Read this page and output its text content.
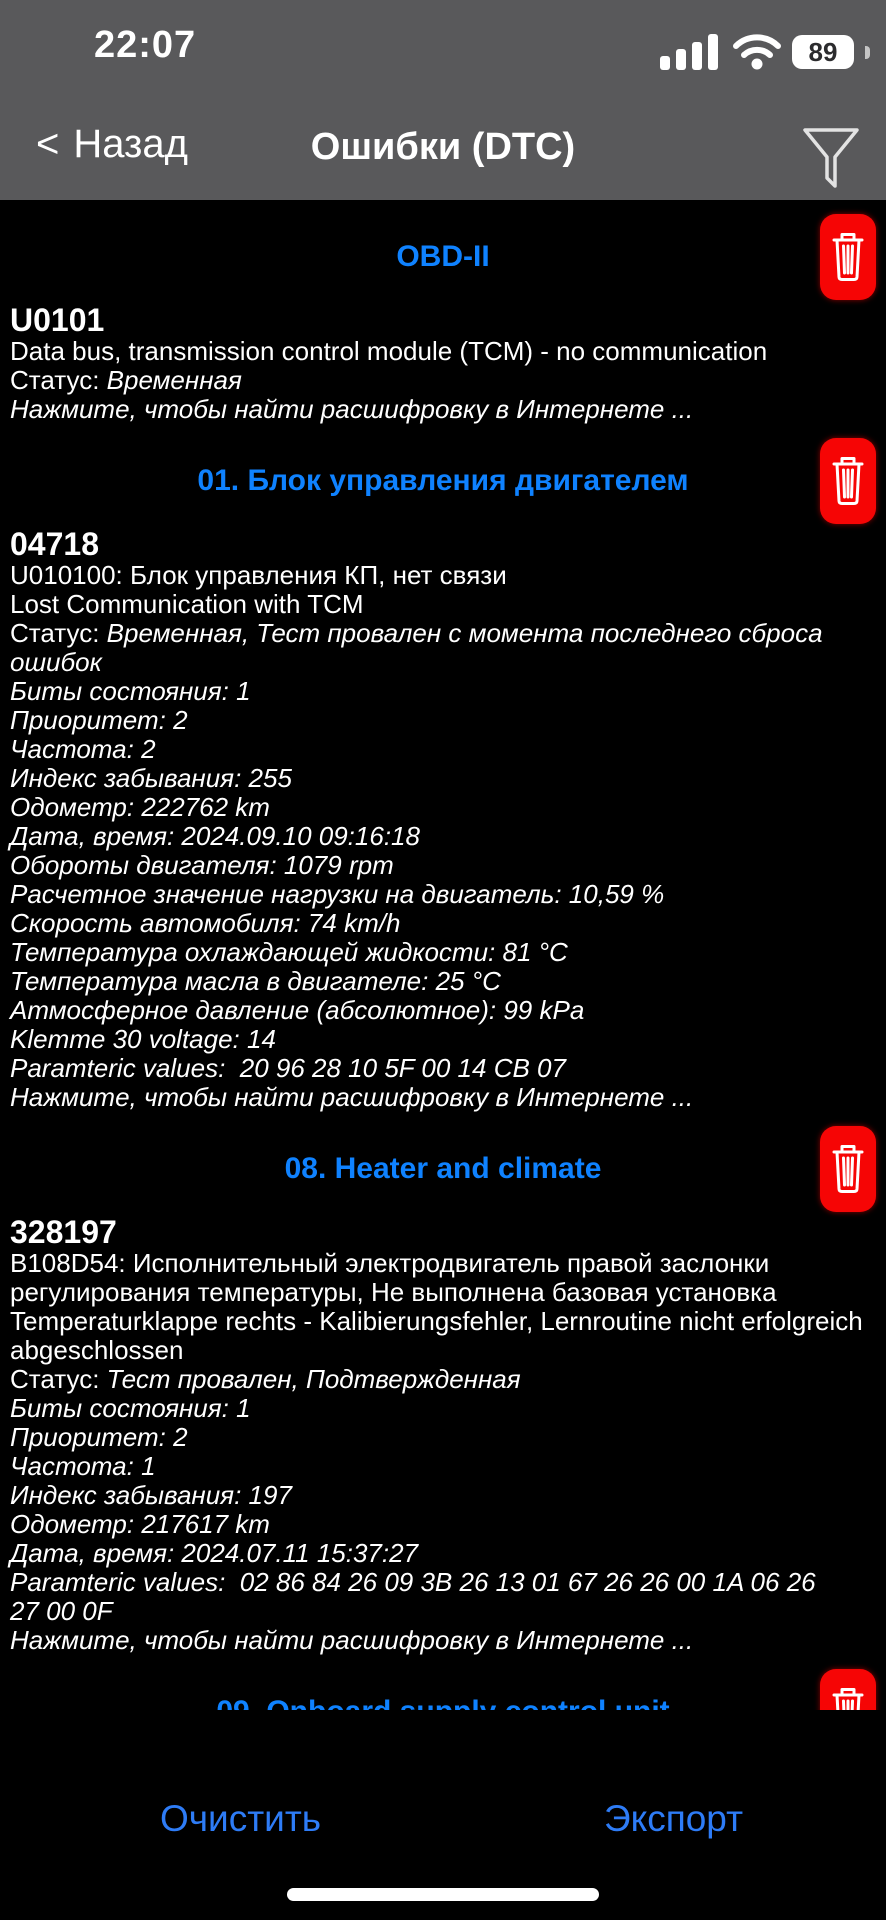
22:07	89
< Назад	Ошибки (DTC)
OBD-II
U0101
Data bus, transmission control module (TCM) - no communication
Статус: Временная
Нажмите, чтобы найти расшифровку в Интернете ...
01. Блок управления двигателем
04718
U010100: Блок управления КП, нет связи
Lost Communication with TCM
Статус: Временная, Тест провален с момента последнего сброса
ошибок
Биты состояния: 1
Приоритет: 2
Частота: 2
Индекс забывания: 255
Одометр: 222762 km
Дата, время: 2024.09.10 09:16:18
Обороты двигателя: 1079 rpm
Расчетное значение нагрузки на двигатель: 10,59 %
Скорость автомобиля: 74 km/h
Температура охлаждающей жидкости: 81 °C
Температура масла в двигателе: 25 °C
Атмосферное давление (абсолютное): 99 kPa
Klemme 30 voltage: 14
Paramteric values:  20 96 28 10 5F 00 14 CB 07
Нажмите, чтобы найти расшифровку в Интернете ...
08. Heater and climate
328197
B108D54: Исполнительный электродвигатель правой заслонки
регулирования температуры, Не выполнена базовая установка
Temperaturklappe rechts - Kalibierungsfehler, Lernroutine nicht erfolgreich
abgeschlossen
Статус: Тест провален, Подтвержденная
Биты состояния: 1
Приоритет: 2
Частота: 1
Индекс забывания: 197
Одометр: 217617 km
Дата, время: 2024.07.11 15:37:27
Paramteric values:  02 86 84 26 09 3B 26 13 01 67 26 26 00 1A 06 26
27 00 0F
Нажмите, чтобы найти расшифровку в Интернете ...
Очистить	Экспорт
